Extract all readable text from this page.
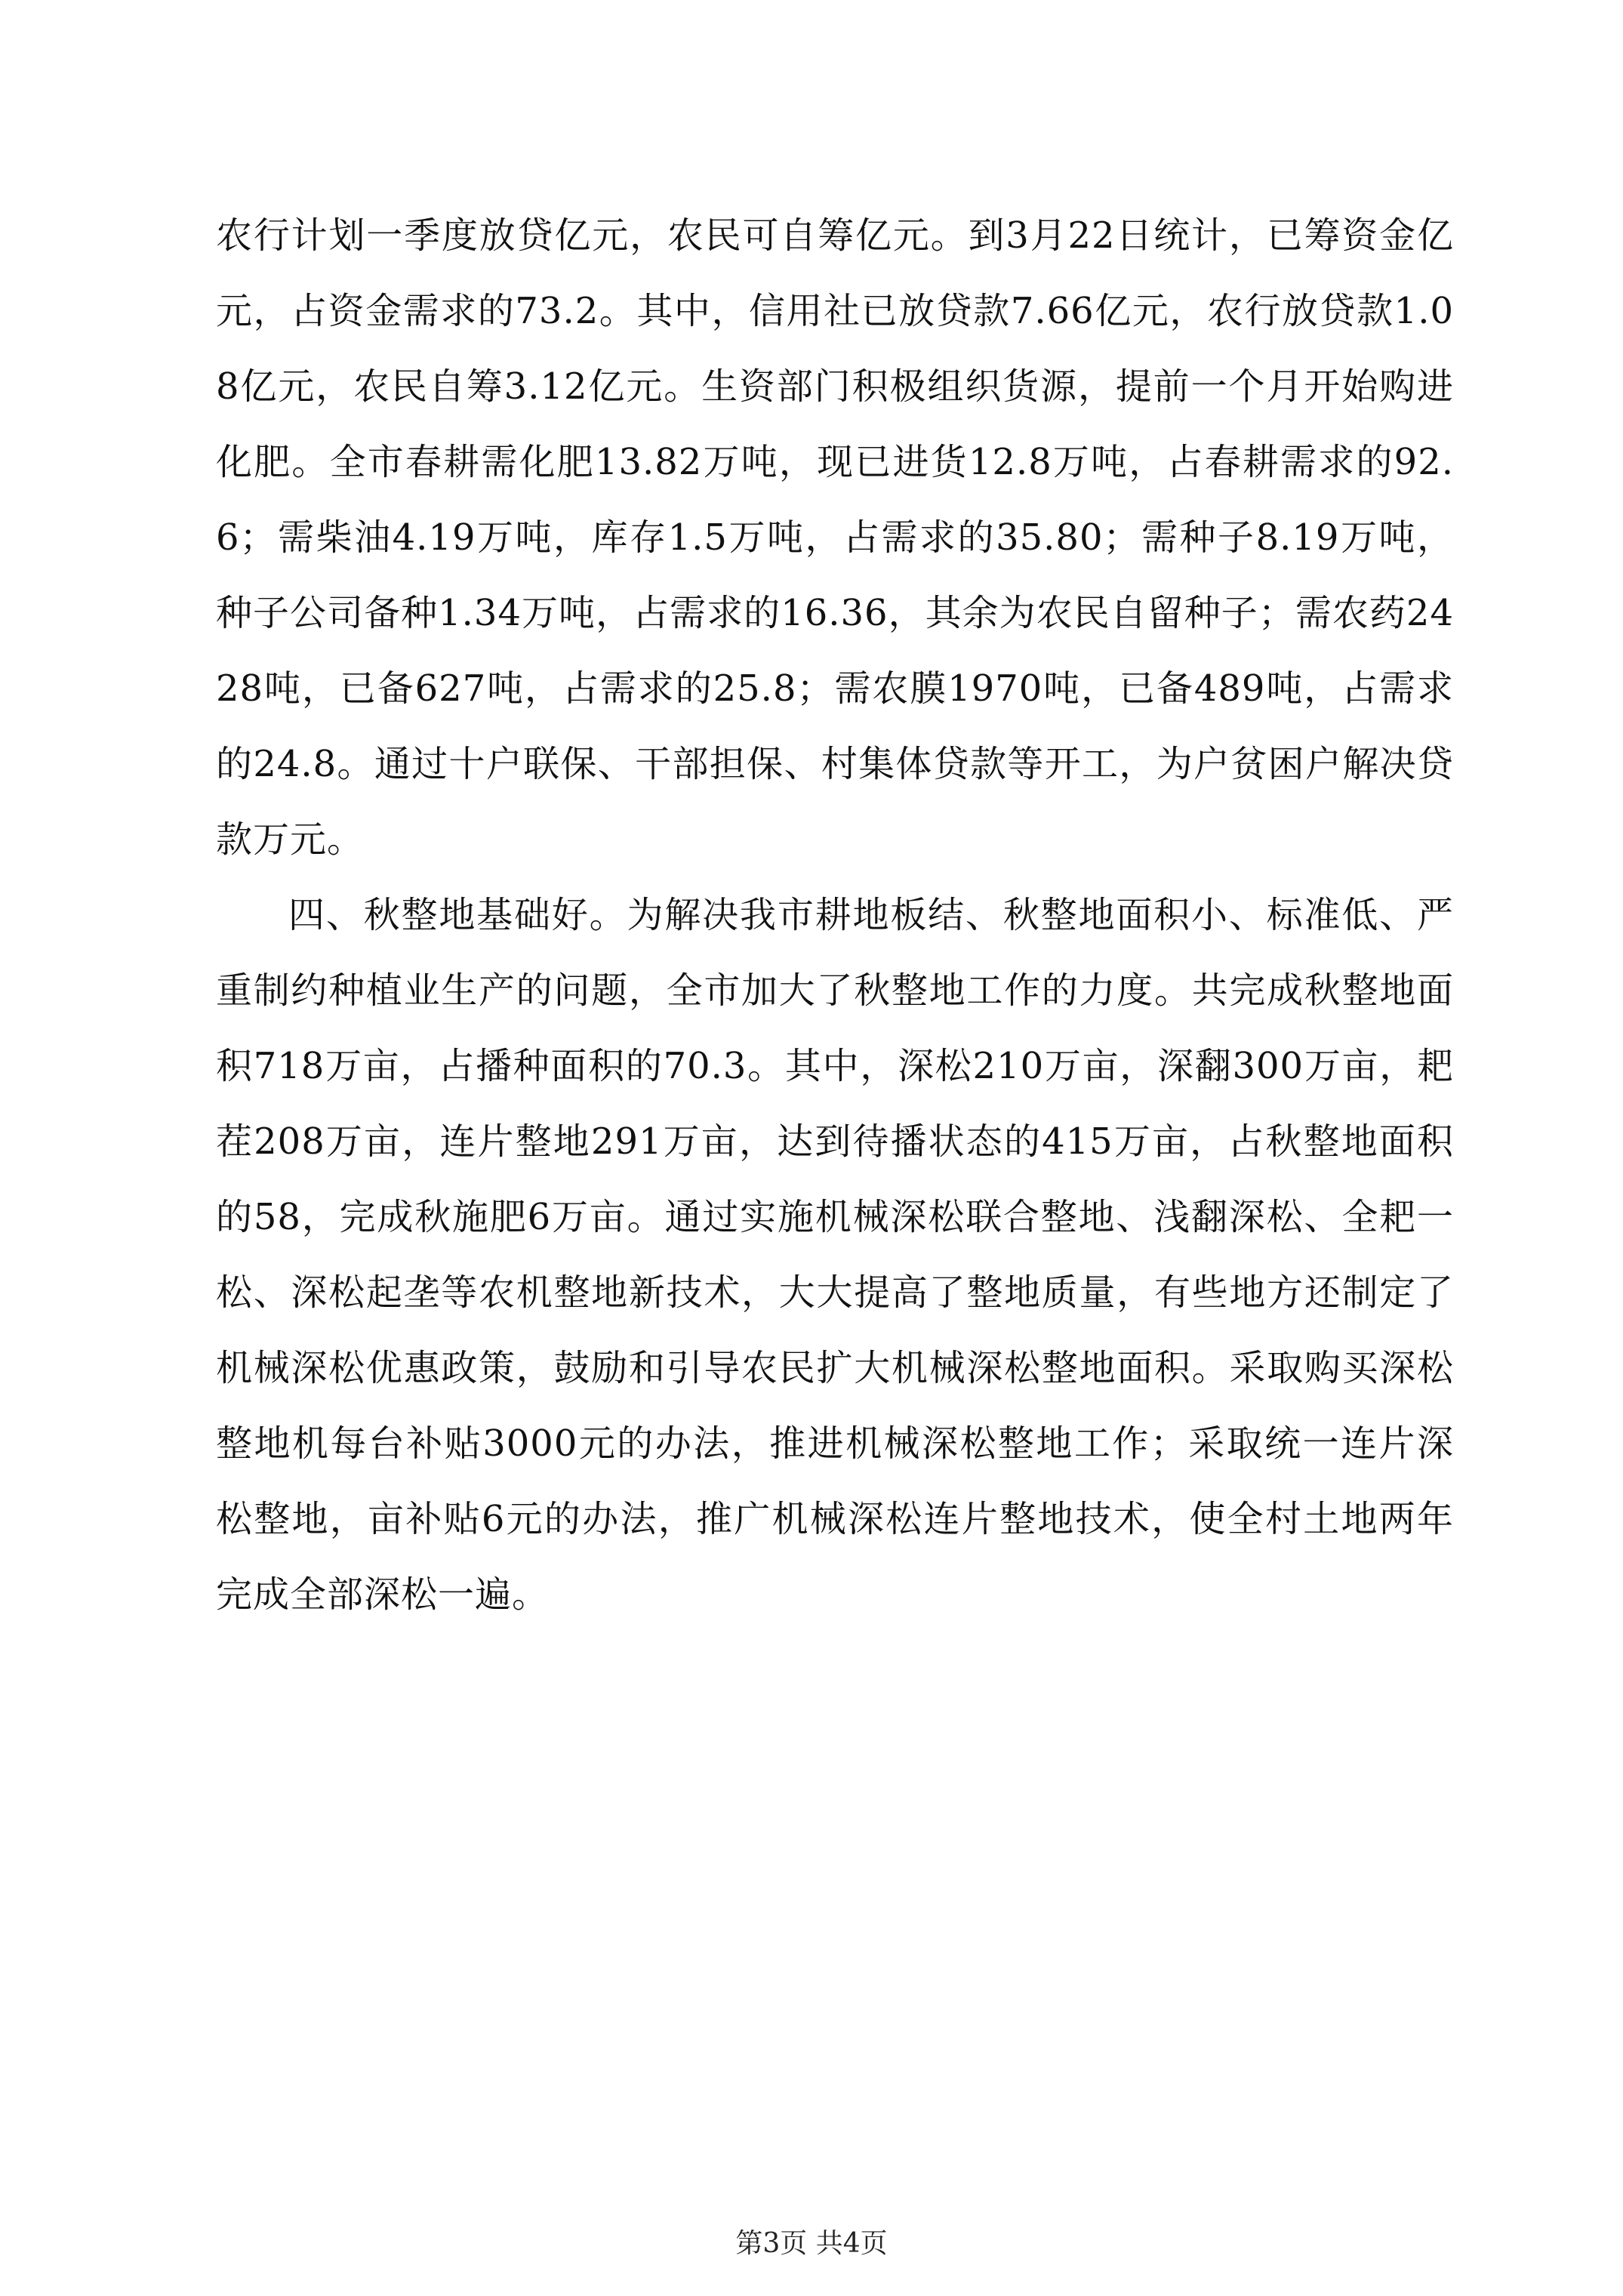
农行计划一季度放贷亿元，农民可自筹亿元。到3月22日统计，已筹资金亿元，占资金需求的73.2。其中，信用社已放贷款7.66亿元，农行放贷款1.08亿元，农民自筹3.12亿元。生资部门积极组织货源，提前一个月开始购进化肥。全市春耕需化肥13.82万吨，现已进货12.8万吨，占春耕需求的92.6；需柴油4.19万吨，库存1.5万吨，占需求的35.80；需种子8.19万吨，种子公司备种1.34万吨，占需求的16.36，其余为农民自留种子；需农药2428吨，已备627吨，占需求的25.8；需农膜1970吨，已备489吨，占需求的24.8。通过十户联保、干部担保、村集体贷款等开工，为户贫困户解决贷款万元。

四、秋整地基础好。为解决我市耕地板结、秋整地面积小、标准低、严重制约种植业生产的问题，全市加大了秋整地工作的力度。共完成秋整地面积718万亩，占播种面积的70.3。其中，深松210万亩，深翻300万亩，耙茬208万亩，连片整地291万亩，达到待播状态的415万亩，占秋整地面积的58，完成秋施肥6万亩。通过实施机械深松联合整地、浅翻深松、全耙一松、深松起垄等农机整地新技术，大大提高了整地质量，有些地方还制定了机械深松优惠政策，鼓励和引导农民扩大机械深松整地面积。采取购买深松整地机每台补贴3000元的办法，推进机械深松整地工作；采取统一连片深松整地，亩补贴6元的办法，推广机械深松连片整地技术，使全村土地两年完成全部深松一遍。

第3页 共4页
